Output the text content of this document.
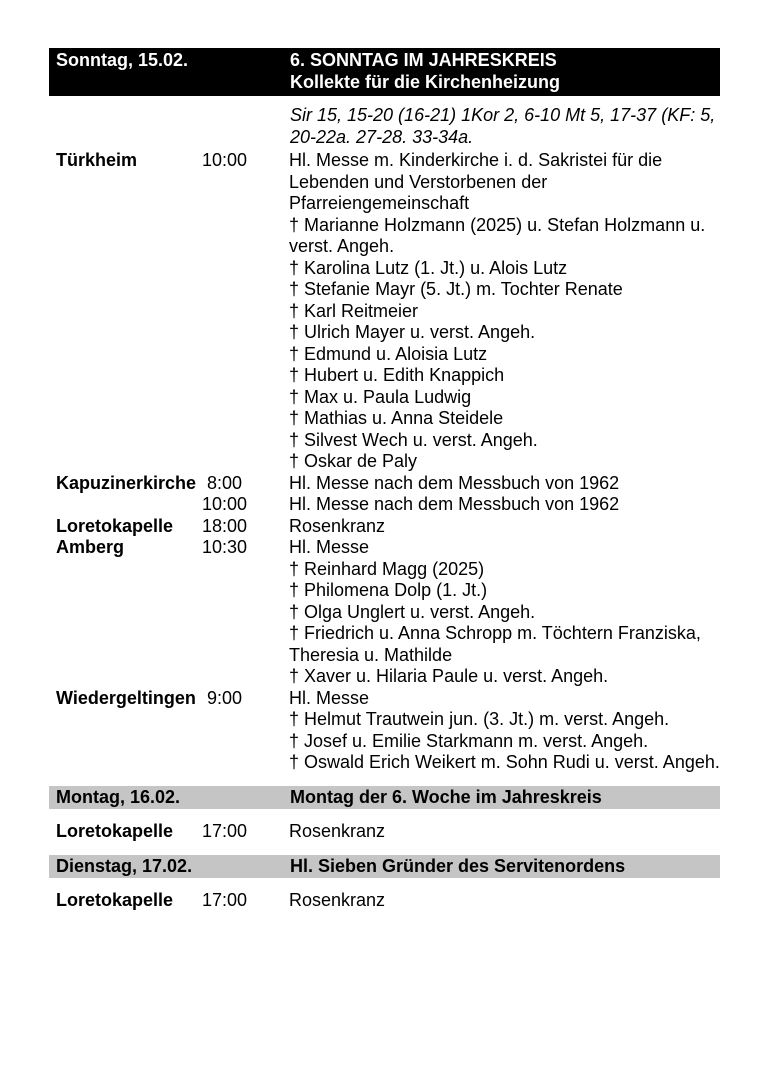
Sonntag, 15.02.	6. SONNTAG IM JAHRESKREIS
Kollekte für die Kirchenheizung
Sir 15, 15-20 (16-21) 1Kor 2, 6-10 Mt 5, 17-37 (KF: 5, 20-22a. 27-28. 33-34a.
Türkheim	10:00 Hl. Messe m. Kinderkirche i. d. Sakristei für die Lebenden und Verstorbenen der Pfarreiengemeinschaft
† Marianne Holzmann (2025) u. Stefan Holzmann u. verst. Angeh.
† Karolina Lutz (1. Jt.) u. Alois Lutz
† Stefanie Mayr (5. Jt.) m. Tochter Renate
† Karl Reitmeier
† Ulrich Mayer u. verst. Angeh.
† Edmund u. Aloisia Lutz
† Hubert u. Edith Knappich
† Max u. Paula Ludwig
† Mathias u. Anna Steidele
† Silvest Wech u. verst. Angeh.
† Oskar de Paly
Kapuzinerkirche 8:00	Hl. Messe nach dem Messbuch von 1962
10:00 Hl. Messe nach dem Messbuch von 1962
Loretokapelle	18:00 Rosenkranz
Amberg	10:30 Hl. Messe
† Reinhard Magg (2025)
† Philomena Dolp (1. Jt.)
† Olga Unglert u. verst. Angeh.
† Friedrich u. Anna Schropp m. Töchtern Franziska, Theresia u. Mathilde
† Xaver u. Hilaria Paule u. verst. Angeh.
Wiedergeltingen 9:00	Hl. Messe
† Helmut Trautwein jun. (3. Jt.) m. verst. Angeh.
† Josef u. Emilie Starkmann m. verst. Angeh.
† Oswald Erich Weikert m. Sohn Rudi u. verst. Angeh.
Montag, 16.02.	Montag der 6. Woche im Jahreskreis
Loretokapelle	17:00 Rosenkranz
Dienstag, 17.02.	Hl. Sieben Gründer des Servitenordens
Loretokapelle	17:00 Rosenkranz
